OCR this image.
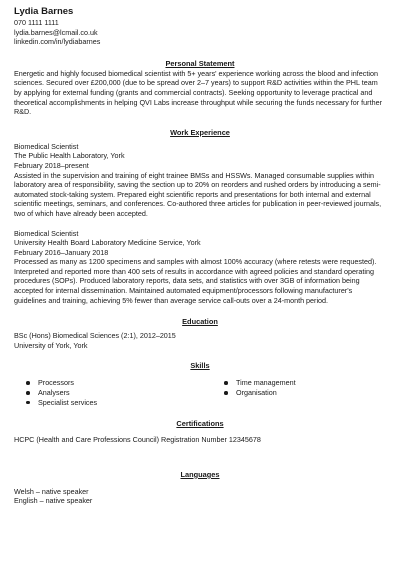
Lydia Barnes
070 1111 1111
lydia.barnes@lcmail.co.uk
linkedin.com/in/lydiabarnes
Personal Statement

Energetic and highly focused biomedical scientist with 5+ years' experience working across the blood and infection sciences. Secured over £200,000 (due to be spread over 2–7 years) to support R&D activities within the PHL team by applying for external funding (grants and commercial contracts). Seeking opportunity to leverage practical and theoretical accomplishments in helping QVI Labs increase throughput while securing the funds necessary for further R&D.

Work Experience
Biomedical Scientist
The Public Health Laboratory, York
February 2018–present

Assisted in the supervision and training of eight trainee BMSs and HSSWs. Managed consumable supplies within laboratory area of responsibility, saving the section up to 20% on reorders and rushed orders by introducing a semi-automated stock-taking system. Prepared eight scientific reports and presentations for both internal and external scientific meetings, seminars, and conferences. Co-authored three articles for publication in peer-reviewed journals, two of which have already been accepted.

Biomedical Scientist
University Health Board Laboratory Medicine Service, York
February 2016–January 2018

Processed as many as 1200 specimens and samples with almost 100% accuracy (where retests were requested). Interpreted and reported more than 400 sets of results in accordance with agreed policies and standard operating procedures (SOPs). Produced laboratory reports, data sets, and statistics with over 3GB of information being accepted for internal dissemination. Maintained automated equipment/processors following manufacturer's guidelines and training, achieving 5% fewer than average service call-outs over a 24-month period.

Education
BSc (Hons) Biomedical Sciences (2:1), 2012–2015
University of York, York
Skills
Processors
Analysers
Specialist services
Time management
Organisation
Certifications
HCPC (Health and Care Professions Council) Registration Number 12345678
Languages
Welsh – native speaker
English – native speaker
